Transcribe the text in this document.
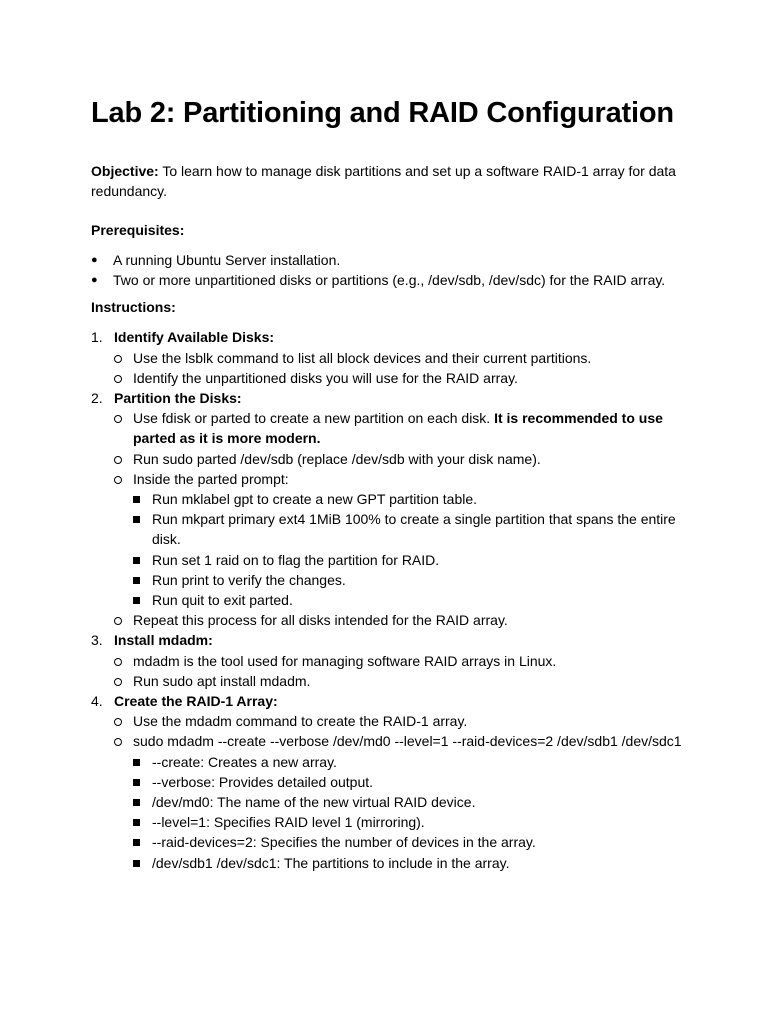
Lab 2: Partitioning and RAID Configuration

Objective: To learn how to manage disk partitions and set up a software RAID-1 array for data redundancy.

Prerequisites:
●	A running Ubuntu Server installation.
●	Two or more unpartitioned disks or partitions (e.g., /dev/sdb, /dev/sdc) for the RAID array.
Instructions:
1. Identify Available Disks:
Use the lsblk command to list all block devices and their current partitions.
Identify the unpartitioned disks you will use for the RAID array.
2. Partition the Disks:
Use fdisk or parted to create a new partition on each disk. It is recommended to use parted as it is more modern.
Run sudo parted /dev/sdb (replace /dev/sdb with your disk name).
Inside the parted prompt:
Run mklabel gpt to create a new GPT partition table.
Run mkpart primary ext4 1MiB 100% to create a single partition that spans the entire disk.
Run set 1 raid on to flag the partition for RAID.
Run print to verify the changes.
Run quit to exit parted.
Repeat this process for all disks intended for the RAID array.
3. Install mdadm:
mdadm is the tool used for managing software RAID arrays in Linux.
Run sudo apt install mdadm.
4. Create the RAID-1 Array:
Use the mdadm command to create the RAID-1 array.
sudo mdadm --create --verbose /dev/md0 --level=1 --raid-devices=2 /dev/sdb1 /dev/sdc1
--create: Creates a new array.
--verbose: Provides detailed output.
/dev/md0: The name of the new virtual RAID device.
--level=1: Specifies RAID level 1 (mirroring).
--raid-devices=2: Specifies the number of devices in the array.
/dev/sdb1 /dev/sdc1: The partitions to include in the array.
